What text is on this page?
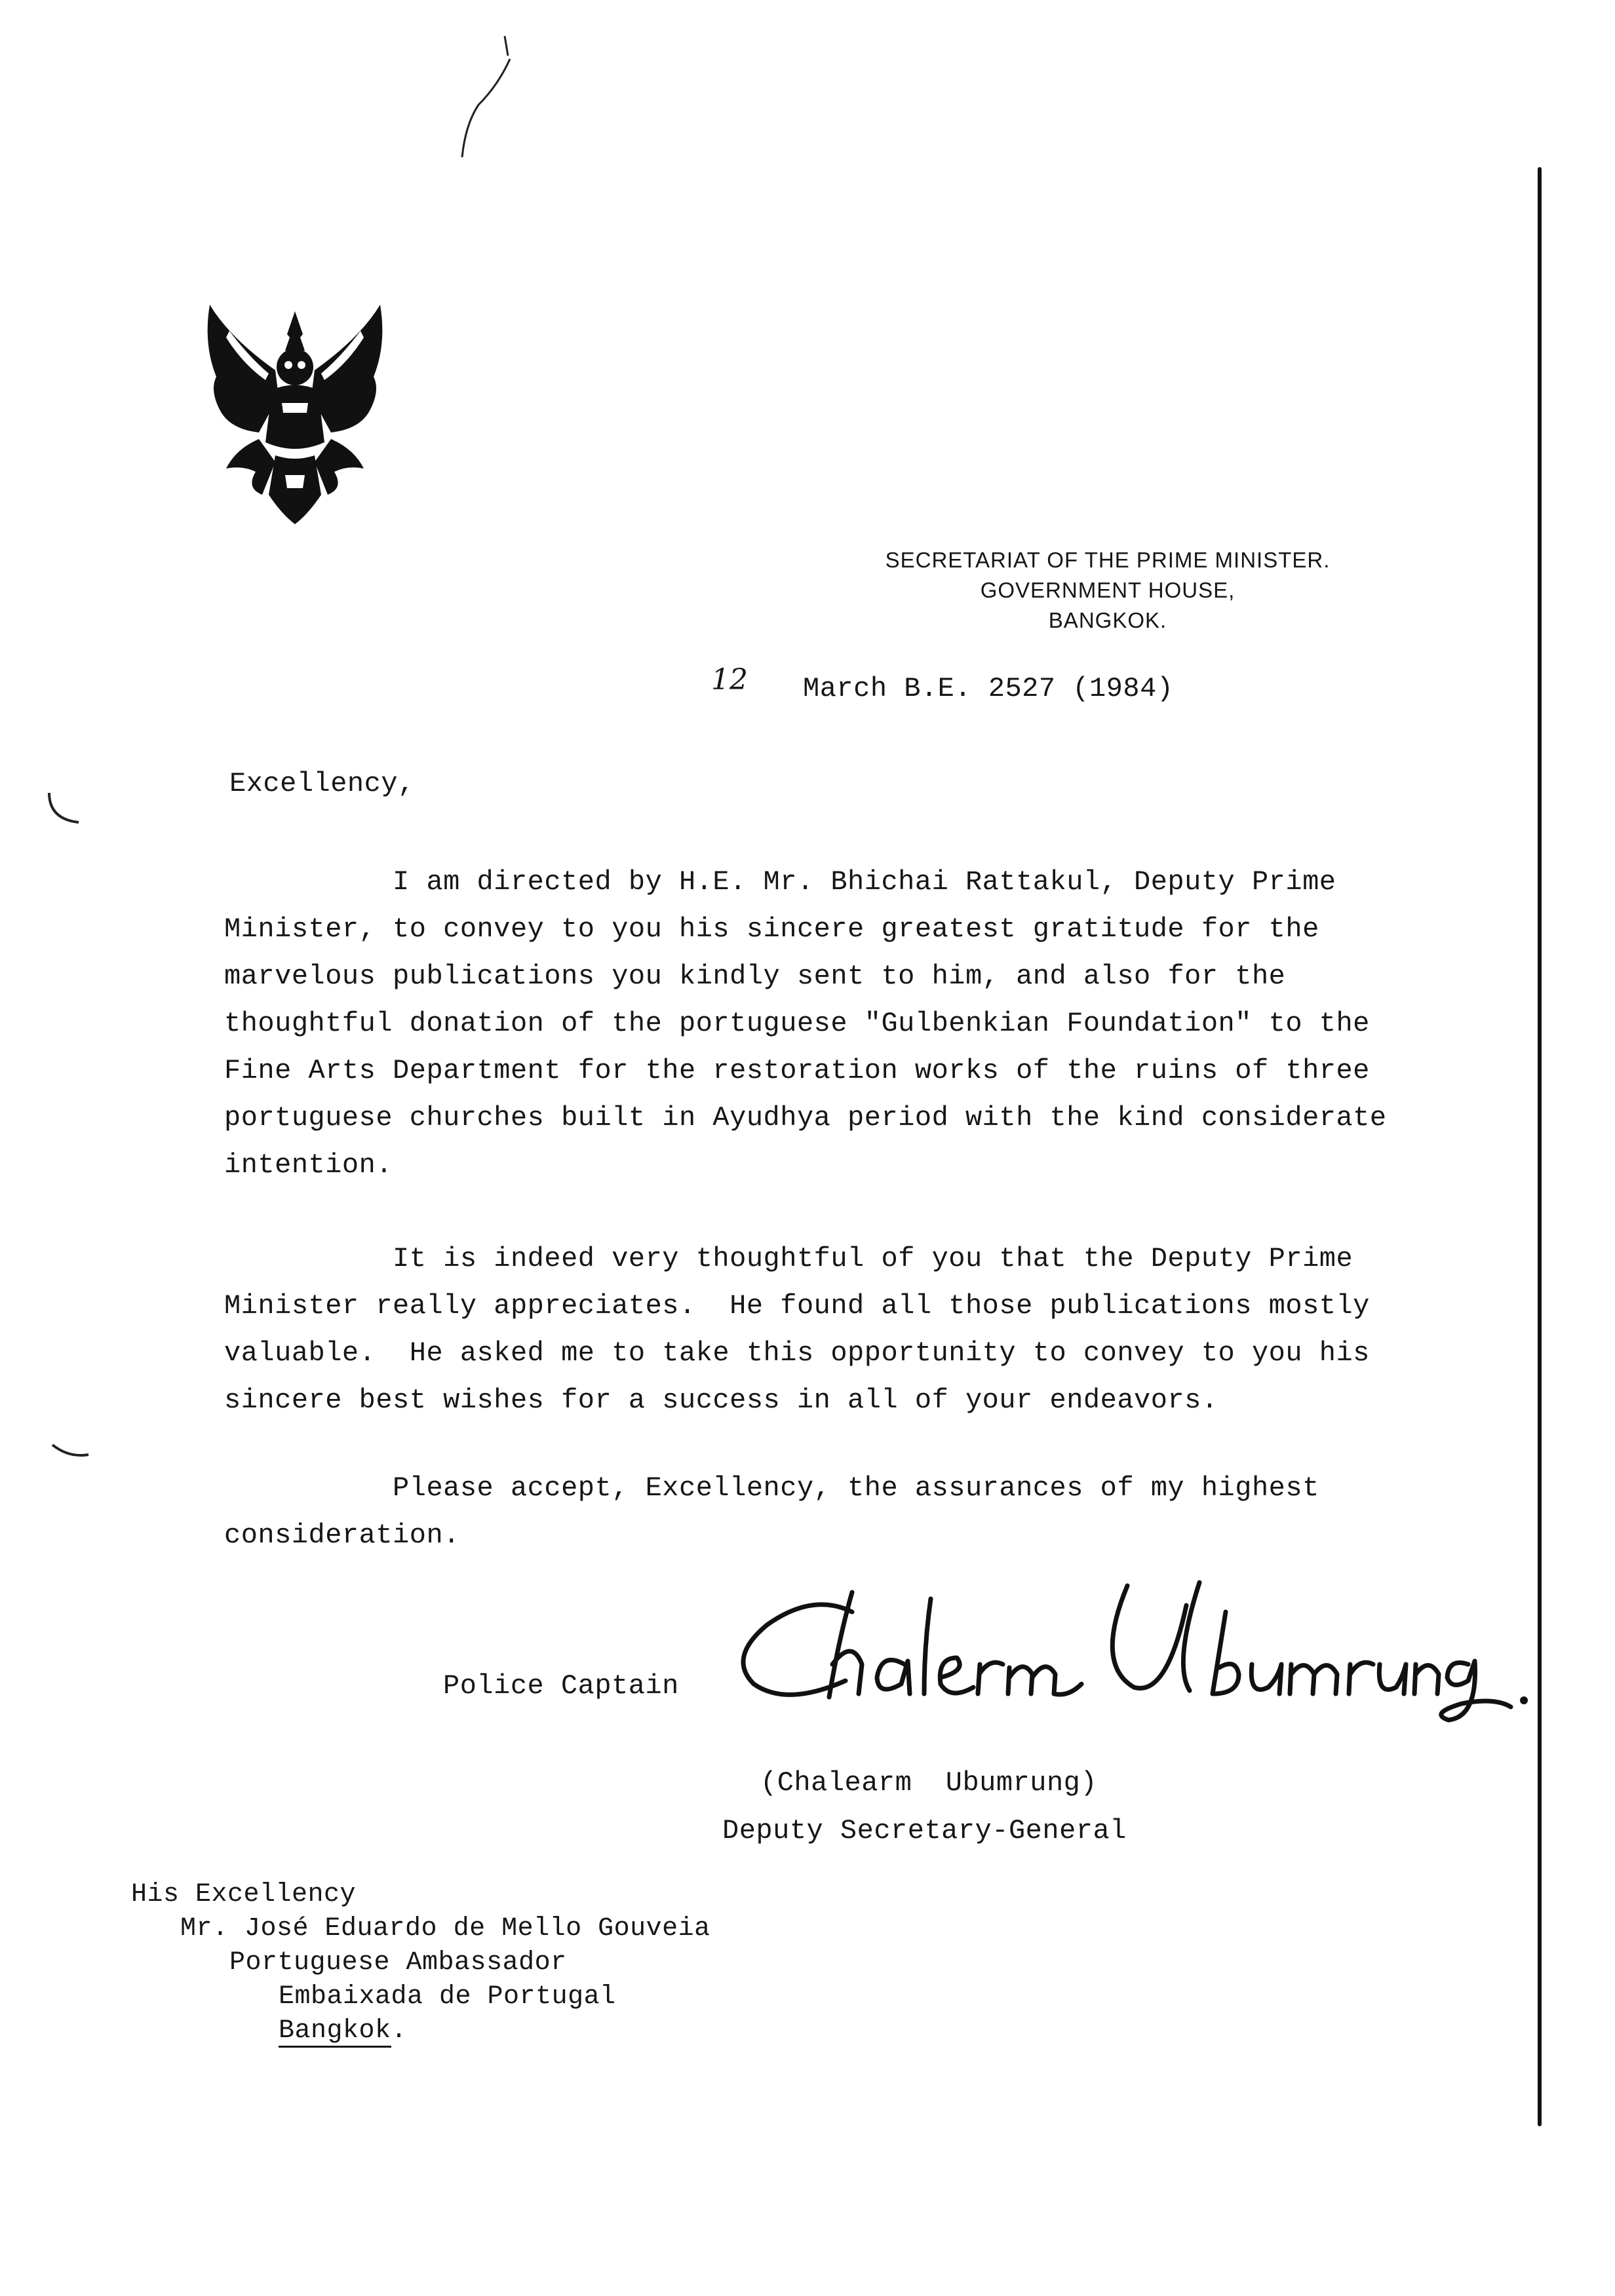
SECRETARIAT OF THE PRIME MINISTER.
GOVERNMENT HOUSE,
BANGKOK.
12 March B.E. 2527 (1984)
Excellency,
I am directed by H.E. Mr. Bhichai Rattakul, Deputy Prime
Minister, to convey to you his sincere greatest gratitude for the
marvelous publications you kindly sent to him, and also for the
thoughtful donation of the portuguese "Gulbenkian Foundation" to the
Fine Arts Department for the restoration works of the ruins of three
portuguese churches built in Ayudhya period with the kind considerate
intention.
It is indeed very thoughtful of you that the Deputy Prime
Minister really appreciates.  He found all those publications mostly
valuable.  He asked me to take this opportunity to convey to you his
sincere best wishes for a success in all of your endeavors.
Please accept, Excellency, the assurances of my highest
consideration.
Police Captain
Chalearm Ubumrung.
(Chalearm  Ubumrung)
Deputy Secretary-General
His Excellency
Mr. José Eduardo de Mello Gouveia
Portuguese Ambassador
Embaixada de Portugal
Bangkok.
